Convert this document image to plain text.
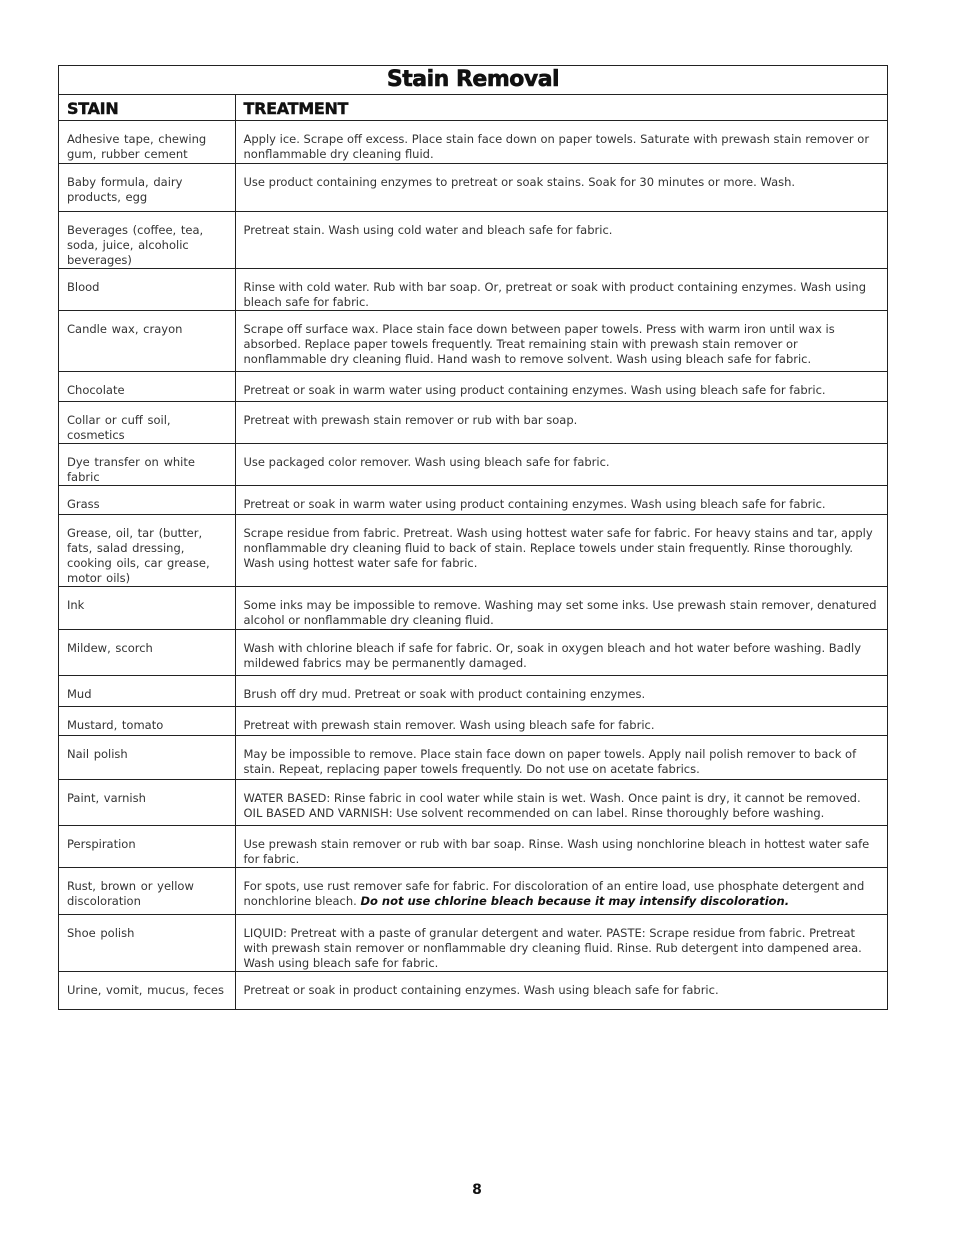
Stain Removal
STAIN	TREATMENT
Adhesive tape, chewing gum, rubber cement	Apply ice. Scrape off excess. Place stain face down on paper towels. Saturate with prewash stain remover or nonflammable dry cleaning fluid.
Baby formula, dairy products, egg	Use product containing enzymes to pretreat or soak stains. Soak for 30 minutes or more. Wash.
Beverages (coffee, tea, soda, juice, alcoholic beverages)	Pretreat stain. Wash using cold water and bleach safe for fabric.
Blood	Rinse with cold water. Rub with bar soap. Or, pretreat or soak with product containing enzymes. Wash using bleach safe for fabric.
Candle wax, crayon	Scrape off surface wax. Place stain face down between paper towels. Press with warm iron until wax is absorbed. Replace paper towels frequently. Treat remaining stain with prewash stain remover or nonflammable dry cleaning fluid. Hand wash to remove solvent. Wash using bleach safe for fabric.
Chocolate	Pretreat or soak in warm water using product containing enzymes. Wash using bleach safe for fabric.
Collar or cuff soil, cosmetics	Pretreat with prewash stain remover or rub with bar soap.
Dye transfer on white fabric	Use packaged color remover. Wash using bleach safe for fabric.
Grass	Pretreat or soak in warm water using product containing enzymes. Wash using bleach safe for fabric.
Grease, oil, tar (butter, fats, salad dressing, cooking oils, car grease, motor oils)	Scrape residue from fabric. Pretreat. Wash using hottest water safe for fabric. For heavy stains and tar, apply nonflammable dry cleaning fluid to back of stain. Replace towels under stain frequently. Rinse thoroughly. Wash using hottest water safe for fabric.
Ink	Some inks may be impossible to remove. Washing may set some inks. Use prewash stain remover, denatured alcohol or nonflammable dry cleaning fluid.
Mildew, scorch	Wash with chlorine bleach if safe for fabric. Or, soak in oxygen bleach and hot water before washing. Badly mildewed fabrics may be permanently damaged.
Mud	Brush off dry mud. Pretreat or soak with product containing enzymes.
Mustard, tomato	Pretreat with prewash stain remover. Wash using bleach safe for fabric.
Nail polish	May be impossible to remove. Place stain face down on paper towels. Apply nail polish remover to back of stain. Repeat, replacing paper towels frequently. Do not use on acetate fabrics.
Paint, varnish	WATER BASED: Rinse fabric in cool water while stain is wet. Wash. Once paint is dry, it cannot be removed. OIL BASED AND VARNISH: Use solvent recommended on can label. Rinse thoroughly before washing.
Perspiration	Use prewash stain remover or rub with bar soap. Rinse. Wash using nonchlorine bleach in hottest water safe for fabric.
Rust, brown or yellow discoloration	For spots, use rust remover safe for fabric. For discoloration of an entire load, use phosphate detergent and nonchlorine bleach. Do not use chlorine bleach because it may intensify discoloration.
Shoe polish	LIQUID: Pretreat with a paste of granular detergent and water. PASTE: Scrape residue from fabric. Pretreat with prewash stain remover or nonflammable dry cleaning fluid. Rinse. Rub detergent into dampened area. Wash using bleach safe for fabric.
Urine, vomit, mucus, feces	Pretreat or soak in product containing enzymes. Wash using bleach safe for fabric.
8
